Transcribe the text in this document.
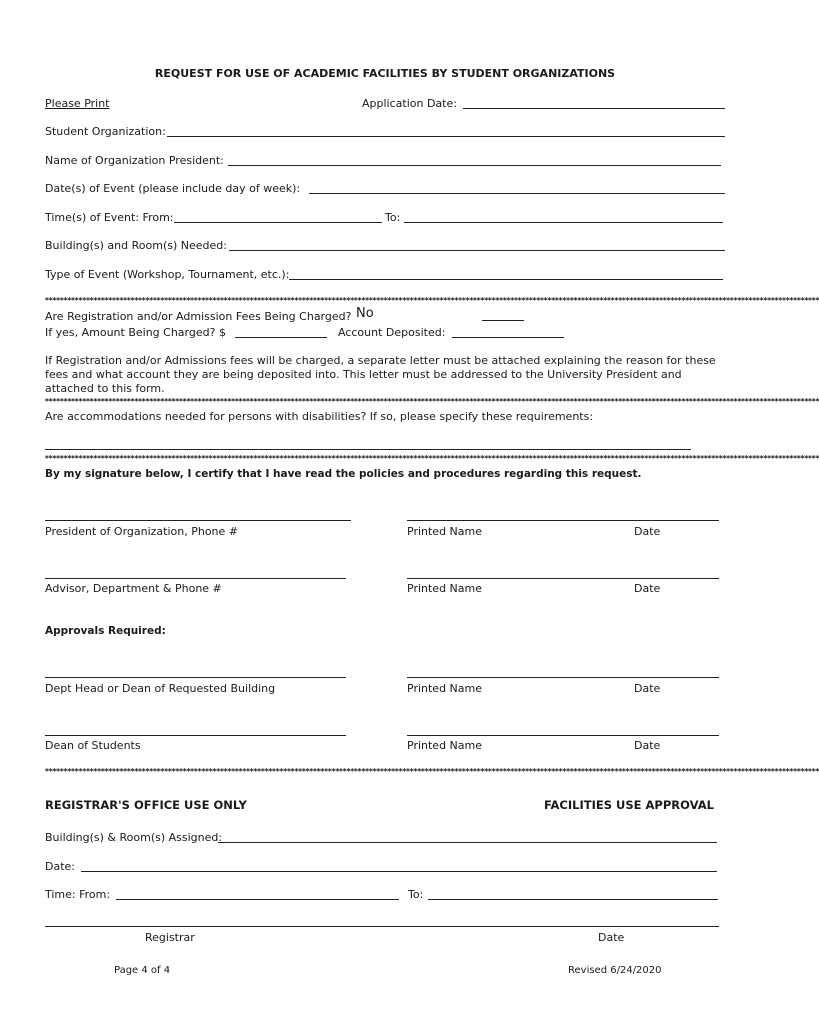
REQUEST FOR USE OF ACADEMIC FACILITIES BY STUDENT ORGANIZATIONS
Please Print	Application Date:
Student Organization:
Name of Organization President:
Date(s) of Event (please include day of week):
Time(s) of Event: From:	To:
Building(s) and Room(s) Needed:
Type of Event (Workshop, Tournament, etc.):
****************************************************************************************************************************************************************************************************************
Are Registration and/or Admission Fees Being Charged? No
If yes, Amount Being Charged? $	Account Deposited:
If Registration and/or Admissions fees will be charged, a separate letter must be attached explaining the reason for these fees and what account they are being deposited into. This letter must be addressed to the University President and attached to this form.
****************************************************************************************************************************************************************************************************************
Are accommodations needed for persons with disabilities? If so, please specify these requirements:
****************************************************************************************************************************************************************************************************************
By my signature below, I certify that I have read the policies and procedures regarding this request.
President of Organization, Phone #	Printed Name	Date
Advisor, Department & Phone #	Printed Name	Date
Approvals Required:
Dept Head or Dean of Requested Building	Printed Name	Date
Dean of Students	Printed Name	Date
****************************************************************************************************************************************************************************************************************
REGISTRAR'S OFFICE USE ONLY	FACILITIES USE APPROVAL
Building(s) & Room(s) Assigned:
Date:
Time: From:	To:
Registrar	Date
Page 4 of 4	Revised 6/24/2020
